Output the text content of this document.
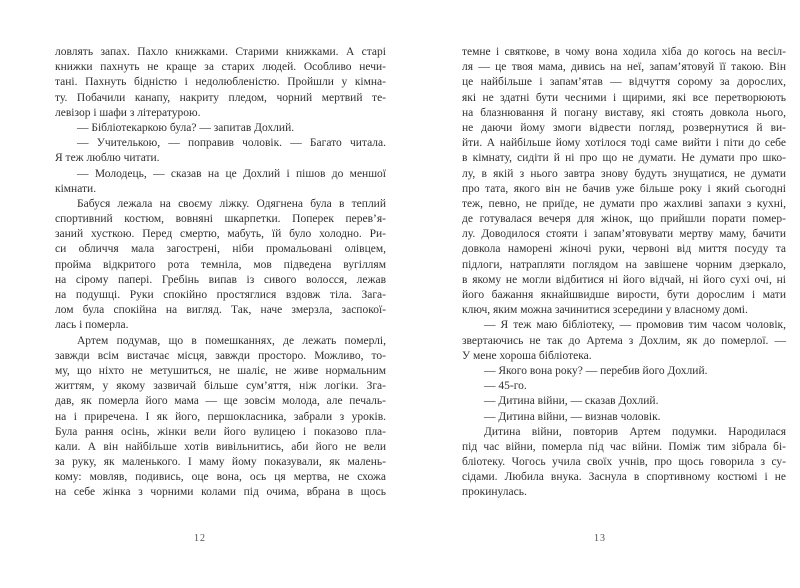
ловлять запах. Пахло книжками. Старими книжками. А старі
книжки пахнуть не краще за старих людей. Особливо нечи-
тані. Пахнуть бідністю і недолюбленістю. Пройшли у кімна-
ту. Побачили канапу, накриту пледом, чорний мертвий те-
левізор і шафи з літературою.
— Бібліотекаркою була? — запитав Дохлий.
— Учителькою, — поправив чоловік. — Багато читала.
Я теж люблю читати.
— Молодець, — сказав на це Дохлий і пішов до меншої
кімнати.
Бабуся лежала на своєму ліжку. Одягнена була в теплий
спортивний костюм, вовняні шкарпетки. Поперек перев’я-
заний хусткою. Перед смертю, мабуть, їй було холодно. Ри-
си обличчя мала загострені, ніби промальовані олівцем,
пройма відкритого рота темніла, мов підведена вугіллям
на сірому папері. Гребінь випав із сивого волосся, лежав
на подушці. Руки спокійно простяглися вздовж тіла. Зага-
лом була спокійна на вигляд. Так, наче змерзла, заспокої-
лась і померла.
Артем подумав, що в помешканнях, де лежать померлі,
завжди всім вистачає місця, завжди просторо. Можливо, то-
му, що ніхто не метушиться, не шаліє, не живе нормальним
життям, у якому зазвичай більше сум’яття, ніж логіки. Зга-
дав, як померла його мама — ще зовсім молода, але печаль-
на і приречена. І як його, першокласника, забрали з уроків.
Була рання осінь, жінки вели його вулицею і показово пла-
кали. А він найбільше хотів вивільнитись, аби його не вели
за руку, як маленького. І маму йому показували, як малень-
кому: мовляв, подивись, оце вона, ось ця мертва, не схожа
на себе жінка з чорними колами під очима, вбрана в щось
темне і святкове, в чому вона ходила хіба до когось на весіл-
ля — це твоя мама, дивись на неї, запам’ятовуй її такою. Він
це найбільше і запам’ятав — відчуття сорому за дорослих,
які не здатні бути чесними і щирими, які все перетворюють
на блазнювання й погану виставу, які стоять довкола нього,
не даючи йому змоги відвести погляд, розвернутися й ви-
йти. А найбільше йому хотілося тоді саме вийти і піти до себе
в кімнату, сидіти й ні про що не думати. Не думати про шко-
лу, в якій з нього завтра знову будуть знущатися, не думати
про тата, якого він не бачив уже більше року і який сьогодні
теж, певно, не приїде, не думати про жахливі запахи з кухні,
де готувалася вечеря для жінок, що прийшли порати помер-
лу. Доводилося стояти і запам’ятовувати мертву маму, бачити
довкола наморені жіночі руки, червоні від миття посуду та
підлоги, натрапляти поглядом на завішене чорним дзеркало,
в якому не могли відбитися ні його відчай, ні його сухі очі, ні
його бажання якнайшвидше вирости, бути дорослим і мати
ключ, яким можна зачинитися зсередини у власному домі.
— Я теж маю бібліотеку, — промовив тим часом чоловік,
звертаючись не так до Артема з Дохлим, як до померлої. —
У мене хороша бібліотека.
— Якого вона року? — перебив його Дохлий.
— 45-го.
— Дитина війни, — сказав Дохлий.
— Дитина війни, — визнав чоловік.
Дитина війни, повторив Артем подумки. Народилася
під час війни, померла під час війни. Поміж тим зібрала бі-
бліотеку. Чогось учила своїх учнів, про щось говорила з су-
сідами. Любила внука. Заснула в спортивному костюмі і не
прокинулась.
12	13
